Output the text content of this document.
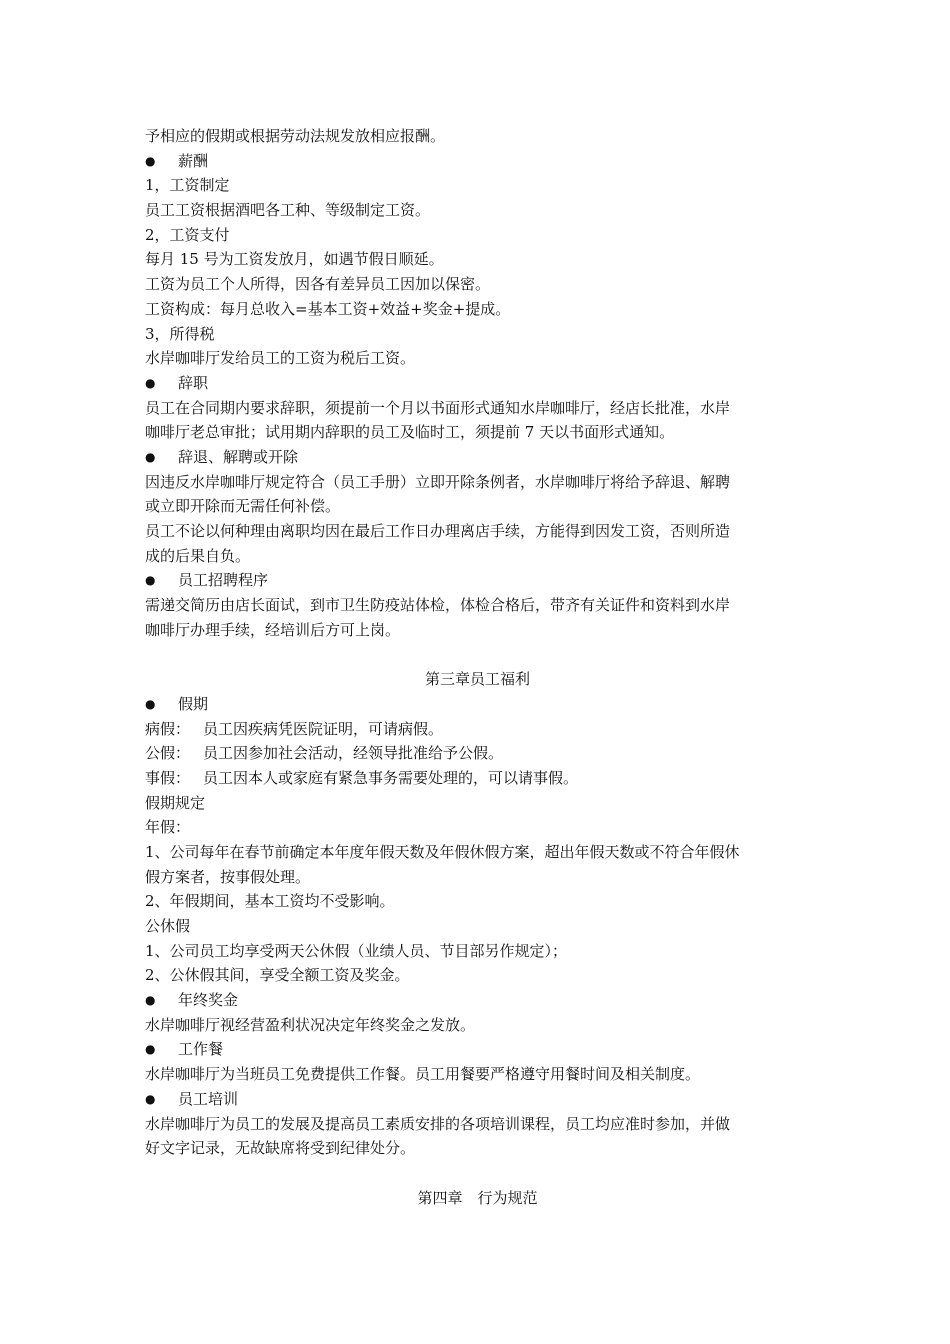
予相应的假期或根据劳动法规发放相应报酬。
●薪酬
1，工资制定
员工工资根据酒吧各工种、等级制定工资。
2，工资支付
每月 15 号为工资发放月，如遇节假日顺延。
工资为员工个人所得，因各有差异员工因加以保密。
工资构成：每月总收入=基本工资+效益+奖金+提成。
3，所得税
水岸咖啡厅发给员工的工资为税后工资。
●辞职
员工在合同期内要求辞职，须提前一个月以书面形式通知水岸咖啡厅，经店长批准，水岸
咖啡厅老总审批；试用期内辞职的员工及临时工，须提前 7 天以书面形式通知。
●辞退、解聘或开除
因违反水岸咖啡厅规定符合（员工手册）立即开除条例者，水岸咖啡厅将给予辞退、解聘
或立即开除而无需任何补偿。
员工不论以何种理由离职均因在最后工作日办理离店手续，方能得到因发工资，否则所造
成的后果自负。
●员工招聘程序
需递交简历由店长面试，到市卫生防疫站体检，体检合格后，带齐有关证件和资料到水岸
咖啡厅办理手续，经培训后方可上岗。
第三章员工福利
●假期
病假： 员工因疾病凭医院证明，可请病假。
公假： 员工因参加社会活动，经领导批准给予公假。
事假： 员工因本人或家庭有紧急事务需要处理的，可以请事假。
假期规定
年假：
1、公司每年在春节前确定本年度年假天数及年假休假方案，超出年假天数或不符合年假休
假方案者，按事假处理。
2、年假期间，基本工资均不受影响。
公休假
1、公司员工均享受两天公休假（业绩人员、节目部另作规定）；
2、公休假其间，享受全额工资及奖金。
●年终奖金
水岸咖啡厅视经营盈利状况决定年终奖金之发放。
●工作餐
水岸咖啡厅为当班员工免费提供工作餐。员工用餐要严格遵守用餐时间及相关制度。
●员工培训
水岸咖啡厅为员工的发展及提高员工素质安排的各项培训课程，员工均应准时参加，并做
好文字记录，无故缺席将受到纪律处分。
第四章　行为规范
